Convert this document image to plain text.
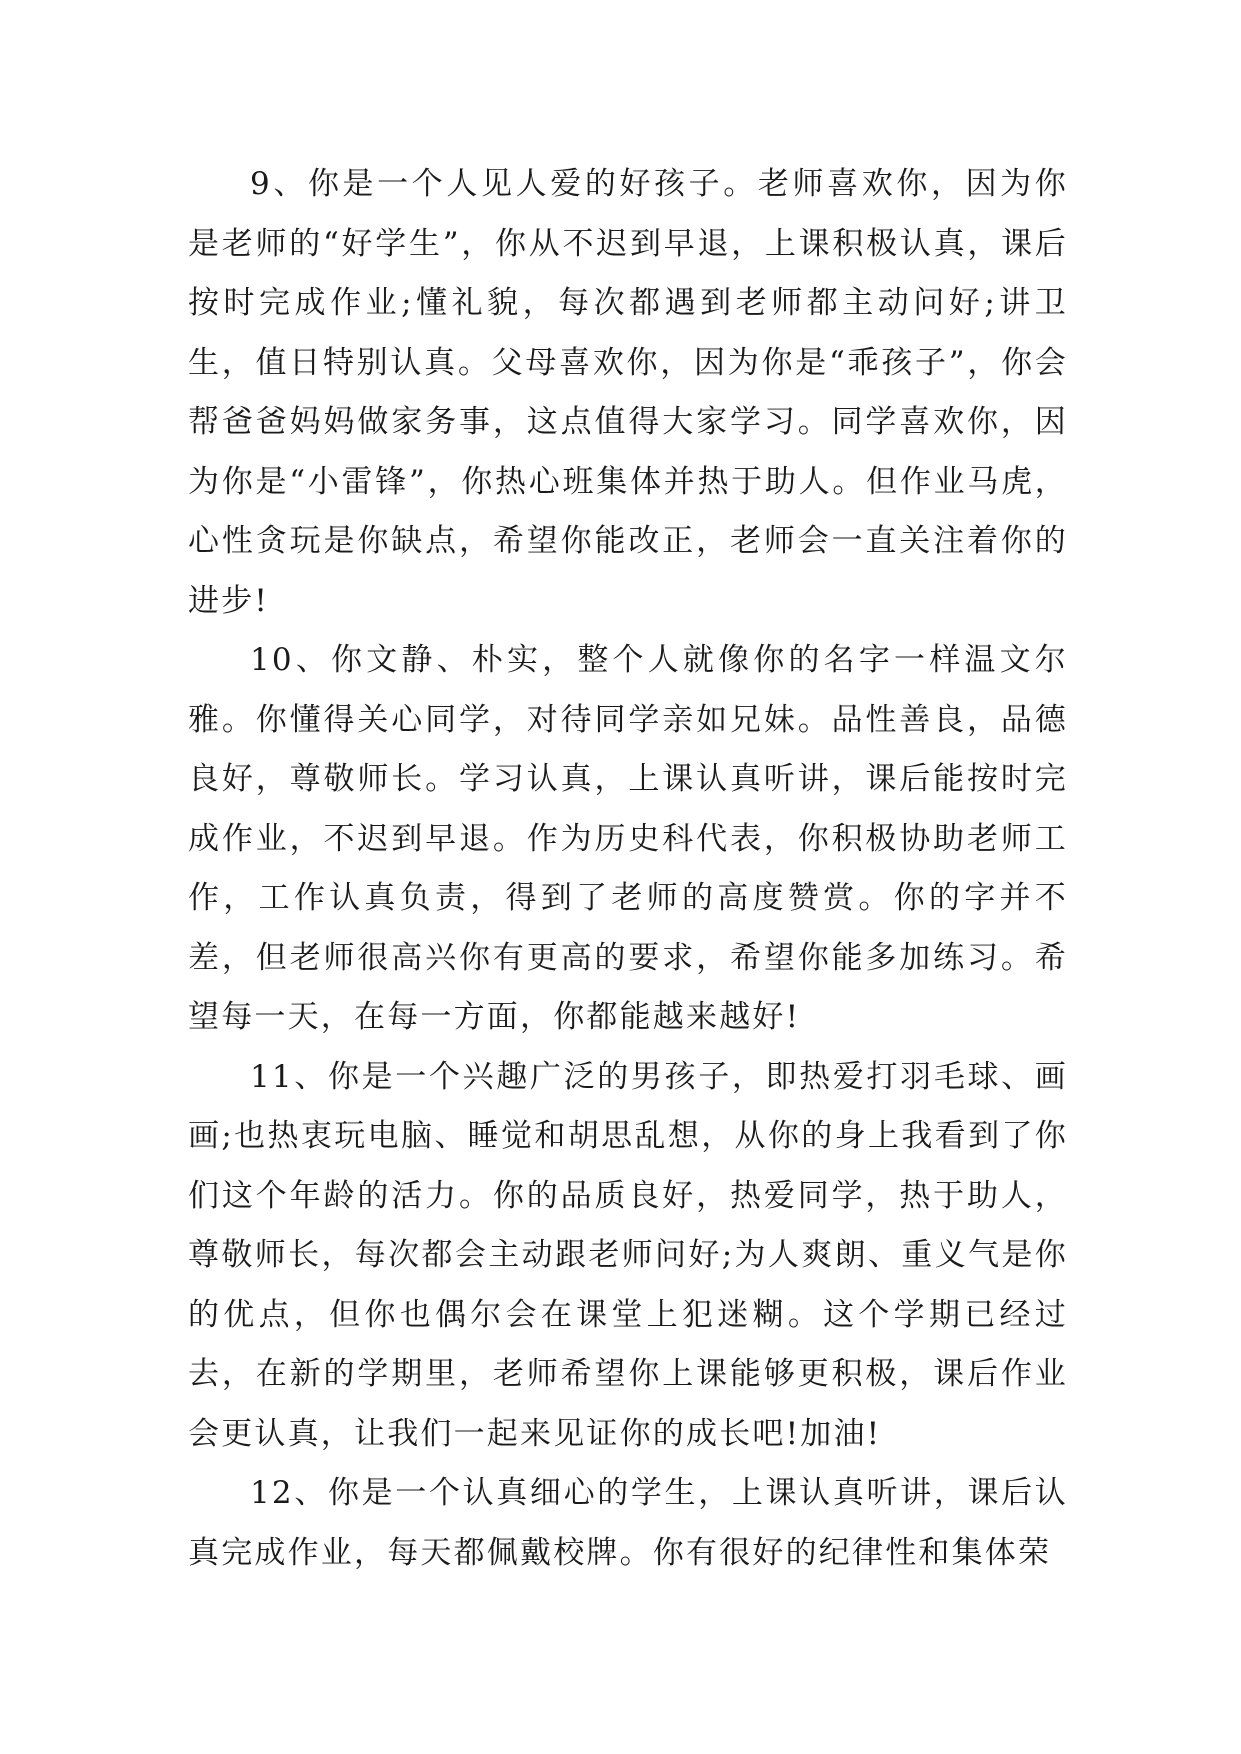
9、你是一个人见人爱的好孩子。老师喜欢你，因为你是老师的“好学生”，你从不迟到早退，上课积极认真，课后按时完成作业;懂礼貌，每次都遇到老师都主动问好;讲卫生，值日特别认真。父母喜欢你，因为你是“乖孩子”，你会帮爸爸妈妈做家务事，这点值得大家学习。同学喜欢你，因为你是“小雷锋”，你热心班集体并热于助人。但作业马虎，心性贪玩是你缺点，希望你能改正，老师会一直关注着你的进步!

10、你文静、朴实，整个人就像你的名字一样温文尔雅。你懂得关心同学，对待同学亲如兄妹。品性善良，品德良好，尊敬师长。学习认真，上课认真听讲，课后能按时完成作业，不迟到早退。作为历史科代表，你积极协助老师工作，工作认真负责，得到了老师的高度赞赏。你的字并不差，但老师很高兴你有更高的要求，希望你能多加练习。希望每一天，在每一方面，你都能越来越好!

11、你是一个兴趣广泛的男孩子，即热爱打羽毛球、画画;也热衷玩电脑、睡觉和胡思乱想，从你的身上我看到了你们这个年龄的活力。你的品质良好，热爱同学，热于助人，尊敬师长，每次都会主动跟老师问好;为人爽朗、重义气是你的优点，但你也偶尔会在课堂上犯迷糊。这个学期已经过去，在新的学期里，老师希望你上课能够更积极，课后作业会更认真，让我们一起来见证你的成长吧!加油!

12、你是一个认真细心的学生，上课认真听讲，课后认真完成作业，每天都佩戴校牌。你有很好的纪律性和集体荣
